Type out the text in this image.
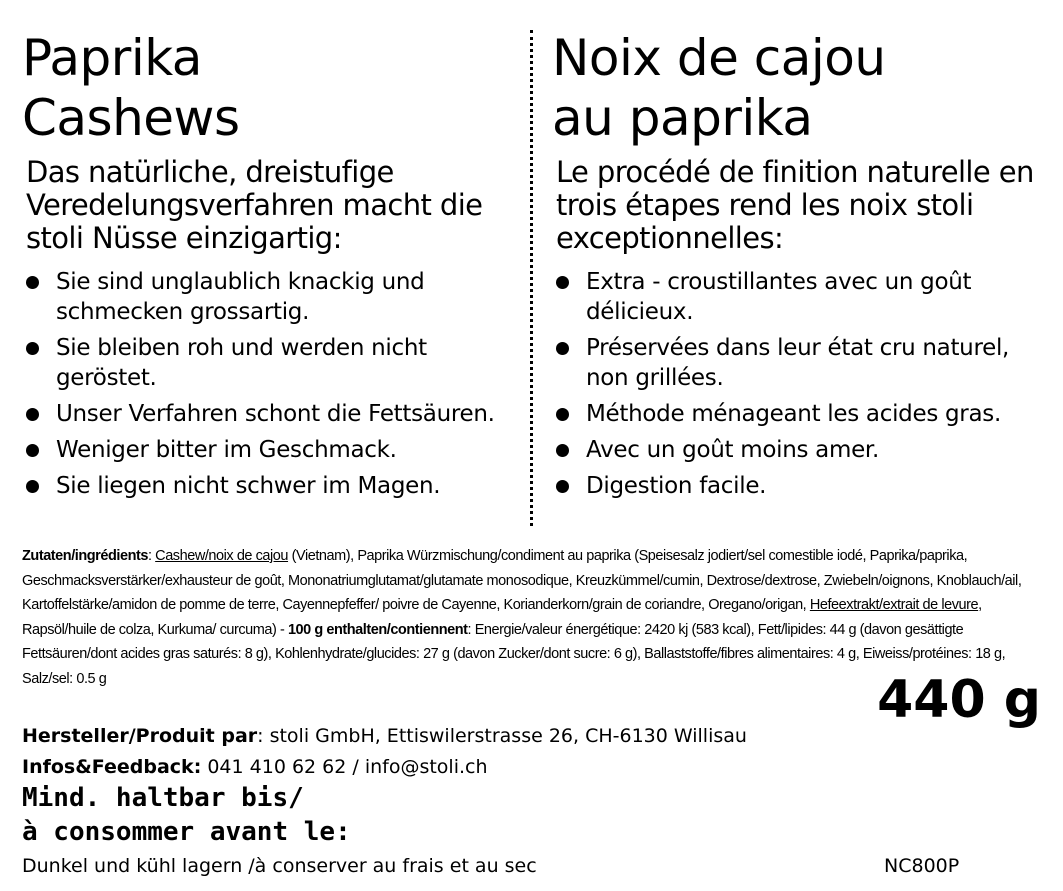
Paprika
Cashews

Das natürliche, dreistufige Veredelungsverfahren macht die stoli Nüsse einzigartig:

Sie sind unglaublich knackig und schmecken grossartig.
Sie bleiben roh und werden nicht geröstet.
Unser Verfahren schont die Fettsäuren.
Weniger bitter im Geschmack.
Sie liegen nicht schwer im Magen.
Noix de cajou
au paprika

Le procédé de finition naturelle en trois étapes rend les noix stoli exceptionnelles:

Extra - croustillantes avec un goût délicieux.
Préservées dans leur état cru naturel, non grillées.
Méthode ménageant les acides gras.
Avec un goût moins amer.
Digestion facile.
Zutaten/ingrédients: Cashew/noix de cajou (Vietnam), Paprika Würzmischung/condiment au paprika (Speisesalz jodiert/sel comestible iodé, Paprika/paprika, Geschmacksverstärker/exhausteur de goût, Mononatriumglutamat/glutamate monosodique, Kreuzkümmel/cumin, Dextrose/dextrose, Zwiebeln/oignons, Knoblauch/ail, Kartoffelstärke/amidon de pomme de terre, Cayennepfeffer/ poivre de Cayenne, Korianderkorn/grain de coriandre, Oregano/origan, Hefeextrakt/extrait de levure, Rapsöl/huile de colza, Kurkuma/ curcuma) - 100 g enthalten/contiennent: Energie/valeur énergétique: 2420 kj (583 kcal), Fett/lipides: 44 g (davon gesättigte Fettsäuren/dont acides gras saturés: 8 g), Kohlenhydrate/glucides: 27 g (davon Zucker/dont sucre: 6 g), Ballaststoffe/fibres alimentaires: 4 g, Eiweiss/protéines: 18 g, Salz/sel: 0.5 g	440 g
Hersteller/Produit par: stoli GmbH, Ettiswilerstrasse 26, CH-6130 Willisau
Infos&Feedback: 041 410 62 62 / info@stoli.ch
Mind. haltbar bis/
à consommer avant le:
Dunkel und kühl lagern /à conserver au frais et au sec	NC800P
